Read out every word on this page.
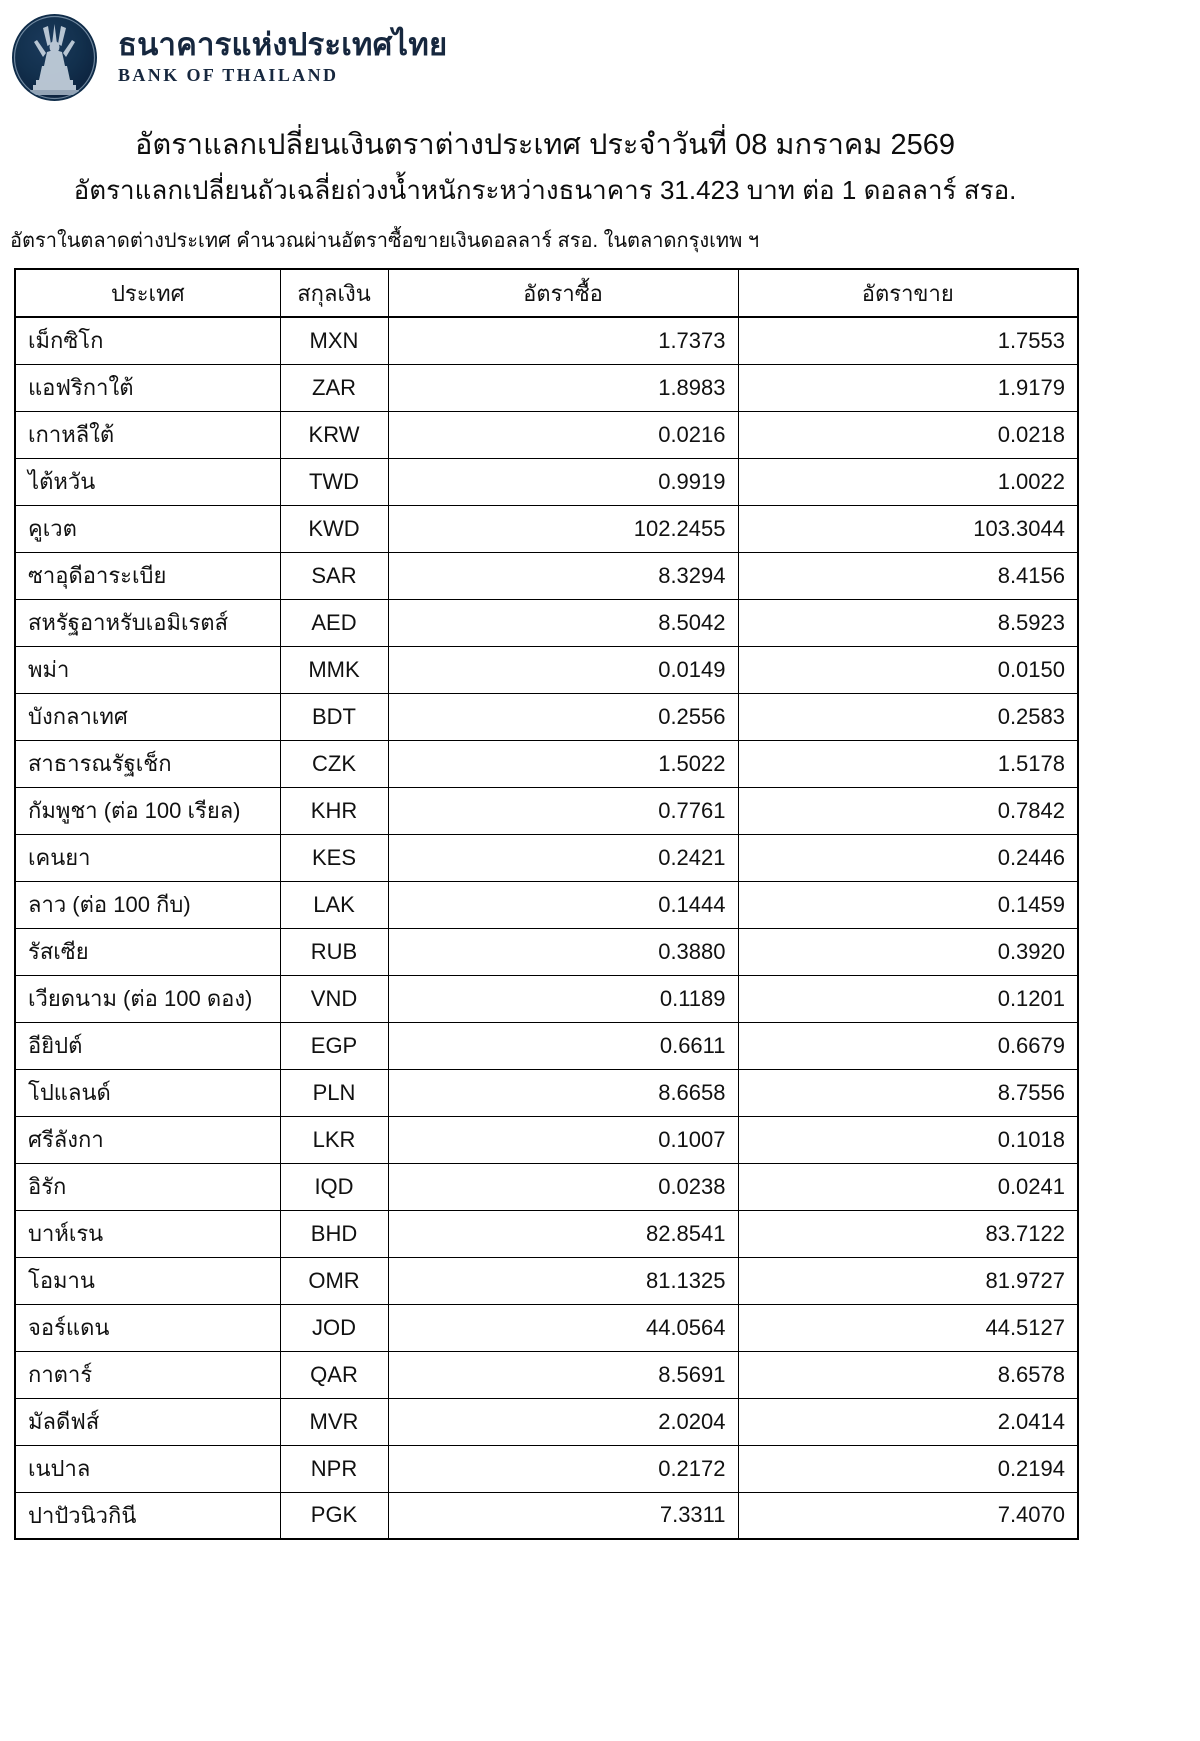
ธนาคารแห่งประเทศไทย
BANK OF THAILAND
อัตราแลกเปลี่ยนเงินตราต่างประเทศ ประจำวันที่ 08 มกราคม 2569
อัตราแลกเปลี่ยนถัวเฉลี่ยถ่วงน้ำหนักระหว่างธนาคาร 31.423 บาท ต่อ 1 ดอลลาร์ สรอ.
อัตราในตลาดต่างประเทศ คำนวณผ่านอัตราซื้อขายเงินดอลลาร์ สรอ. ในตลาดกรุงเทพ ฯ
ประเทศ	สกุลเงิน	อัตราซื้อ	อัตราขาย
เม็กซิโก	MXN	1.7373	1.7553
แอฟริกาใต้	ZAR	1.8983	1.9179
เกาหลีใต้	KRW	0.0216	0.0218
ไต้หวัน	TWD	0.9919	1.0022
คูเวต	KWD	102.2455	103.3044
ซาอุดีอาระเบีย	SAR	8.3294	8.4156
สหรัฐอาหรับเอมิเรตส์	AED	8.5042	8.5923
พม่า	MMK	0.0149	0.0150
บังกลาเทศ	BDT	0.2556	0.2583
สาธารณรัฐเช็ก	CZK	1.5022	1.5178
กัมพูชา (ต่อ 100 เรียล)	KHR	0.7761	0.7842
เคนยา	KES	0.2421	0.2446
ลาว (ต่อ 100 กีบ)	LAK	0.1444	0.1459
รัสเซีย	RUB	0.3880	0.3920
เวียดนาม (ต่อ 100 ดอง)	VND	0.1189	0.1201
อียิปต์	EGP	0.6611	0.6679
โปแลนด์	PLN	8.6658	8.7556
ศรีลังกา	LKR	0.1007	0.1018
อิรัก	IQD	0.0238	0.0241
บาห์เรน	BHD	82.8541	83.7122
โอมาน	OMR	81.1325	81.9727
จอร์แดน	JOD	44.0564	44.5127
กาตาร์	QAR	8.5691	8.6578
มัลดีฟส์	MVR	2.0204	2.0414
เนปาล	NPR	0.2172	0.2194
ปาปัวนิวกินี	PGK	7.3311	7.4070
